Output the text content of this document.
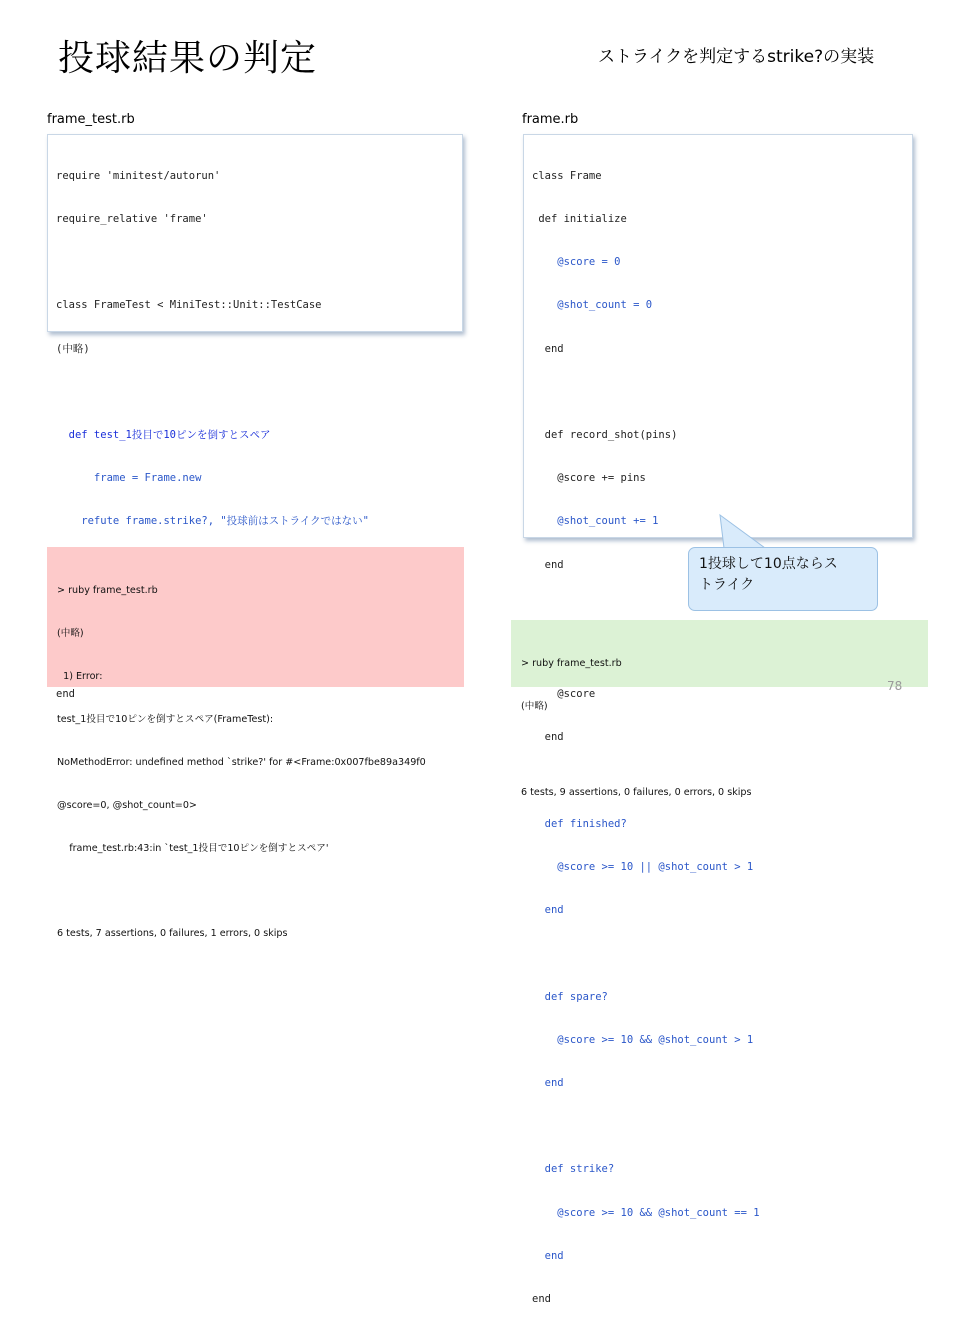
投球結果の判定	ストライクを判定するstrike?の実装
frame_test.rb	frame.rb

require 'minitest/autorun'

require_relative 'frame'

class FrameTest < MiniTest::Unit::TestCase

(中略)

def test_1投目で10ピンを倒すとスペア

frame = Frame.new

refute frame.strike?, "投球前はストライクではない"

end

class Frame

def initialize

@score = 0

@shot_count = 0

end

def record_shot(pins)

@score += pins

@shot_count += 1

end

@score

end

def finished?

@score >= 10 || @shot_count > 1

end

def spare?

@score >= 10 && @shot_count > 1

end

def strike?

@score >= 10 && @shot_count == 1

end

end

> ruby frame_test.rb

(中略)

1) Error:

test_1投目で10ピンを倒すとスペア(FrameTest):

NoMethodError: undefined method `strike?' for #<Frame:0x007fbe89a349f0

@score=0, @shot_count=0>

frame_test.rb:43:in `test_1投目で10ピンを倒すとスペア'

6 tests, 7 assertions, 0 failures, 1 errors, 0 skips

1投球して10点ならス
トライク

> ruby frame_test.rb

(中略)

6 tests, 9 assertions, 0 failures, 0 errors, 0 skips

78
